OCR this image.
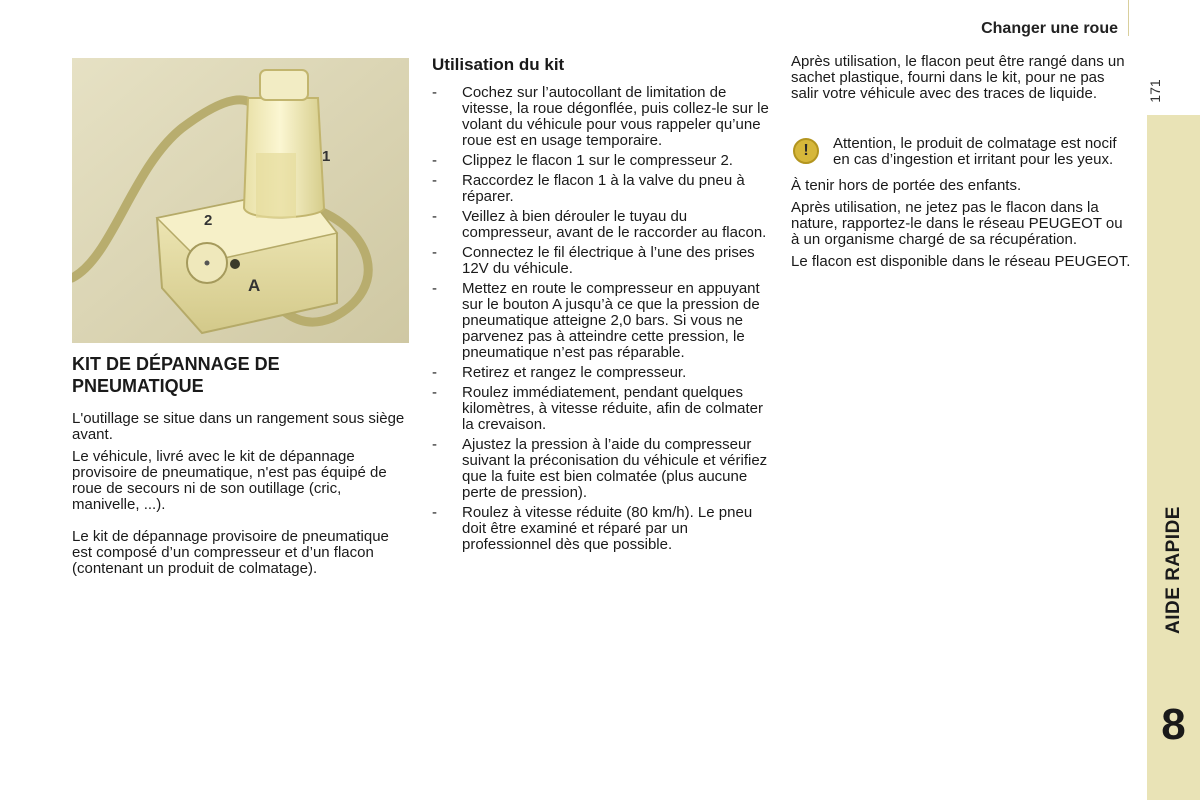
Changer une roue
171
AIDE RAPIDE
8
1
2
A
KIT DE DÉPANNAGE DE PNEUMATIQUE

L'outillage se situe dans un rangement sous siège avant.

Le véhicule, livré avec le kit de dépannage provisoire de pneumatique, n'est pas équipé de roue de secours ni de son outillage (cric, manivelle, ...).

Le kit de dépannage provisoire de pneumatique est composé d’un compresseur et d’un flacon (contenant un produit de colmatage).

Utilisation du kit
- Cochez sur l’autocollant de limitation de vitesse, la roue dégonflée, puis collez-le sur le volant du véhicule pour vous rappeler qu’une roue est en usage temporaire.
- Clippez le flacon 1 sur le compresseur 2.
- Raccordez le flacon 1 à la valve du pneu à réparer.
- Veillez à bien dérouler le tuyau du compresseur, avant de le raccorder au flacon.
- Connectez le fil électrique à l’une des prises 12V du véhicule.
- Mettez en route le compresseur en appuyant sur le bouton A jusqu’à ce que la pression de pneumatique atteigne 2,0 bars. Si vous ne parvenez pas à atteindre cette pression, le pneumatique n’est pas réparable.
- Retirez et rangez le compresseur.
- Roulez immédiatement, pendant quelques kilomètres, à vitesse réduite, afin de colmater la crevaison.
- Ajustez la pression à l’aide du compresseur suivant la préconisation du véhicule et vérifiez que la fuite est bien colmatée (plus aucune perte de pression).
- Roulez à vitesse réduite (80 km/h). Le pneu doit être examiné et réparé par un professionnel dès que possible.

Après utilisation, le flacon peut être rangé dans un sachet plastique, fourni dans le kit, pour ne pas salir votre véhicule avec des traces de liquide.

!	Attention, le produit de colmatage est nocif en cas d’ingestion et irritant pour les yeux.

À tenir hors de portée des enfants.

Après utilisation, ne jetez pas le flacon dans la nature, rapportez-le dans le réseau PEUGEOT ou à un organisme chargé de sa récupération.

Le flacon est disponible dans le réseau PEUGEOT.
